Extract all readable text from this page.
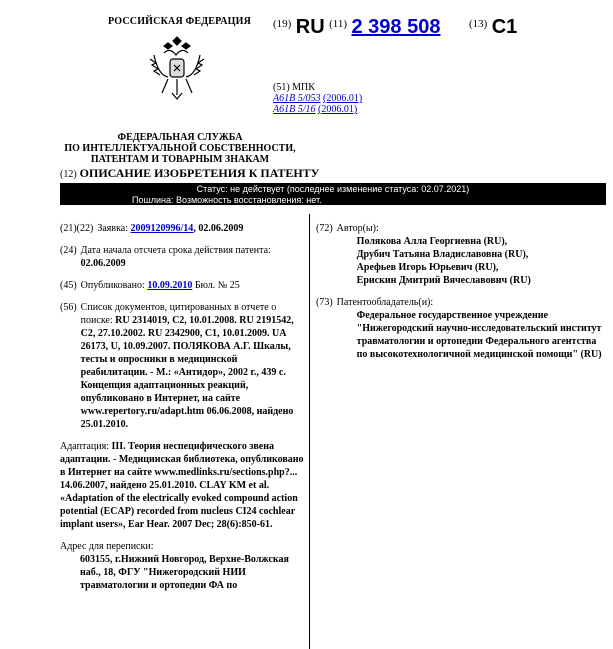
РОССИЙСКАЯ ФЕДЕРАЦИЯ
ФЕДЕРАЛЬНАЯ СЛУЖБА
ПО ИНТЕЛЛЕКТУАЛЬНОЙ СОБСТВЕННОСТИ,
ПАТЕНТАМ И ТОВАРНЫМ ЗНАКАМ
$^{(19)}$ RU $^{(11)}$ 2 398 508	$^{(13)}$ C1
(51) МПК
A61B 5/053 (2006.01)
A61B 5/16 (2006.01)
(12) ОПИСАНИЕ ИЗОБРЕТЕНИЯ К ПАТЕНТУ
Статус: не действует (последнее изменение статуса: 02.07.2021)
Пошлина: Возможность восстановления: нет.
(21)(22) Заявка: 2009120996/14, 02.06.2009
(24) Дата начала отсчета срока действия патента:
02.06.2009
(45) Опубликовано: 10.09.2010 Бюл. № 25
(56) Список документов, цитированных в отчете о поиске: RU 2314019, C2, 10.01.2008. RU 2191542, C2, 27.10.2002. RU 2342900, C1, 10.01.2009. UA 26173, U, 10.09.2007. ПОЛЯКОВА А.Г. Шкалы, тесты и опросники в медицинской реабилитации. - М.: «Антидор», 2002 г., 439 с. Концепция адаптационных реакций, опубликовано в Интернет, на сайте www.repertory.ru/adapt.htm 06.06.2008, найдено 25.01.2010.
Адаптация: III. Теория неспецифического звена адаптации. - Медицинская библиотека, опубликовано в Интернет на сайте www.medlinks.ru/sections.php?... 14.06.2007, найдено 25.01.2010. CLAY KM et al. «Adaptation of the electrically evoked compound action potential (ECAP) recorded from nucleus CI24 cochlear implant users», Ear Hear. 2007 Dec; 28(6):850-61.
Адрес для переписки:

603155, г.Нижний Новгород, Верхне-Волжская наб., 18, ФГУ "Нижегородский НИИ травматологии и ортопедии ФА по
(72) Автор(ы):
Полякова Алла Георгиевна (RU),
Друбич Татьяна Владиславовна (RU),
Арефьев Игорь Юрьевич (RU),
Ерискин Дмитрий Вячеславович (RU)
(73) Патентообладатель(и):
Федеральное государственное учреждение "Нижегородский научно-исследовательский институт травматологии и ортопедии Федерального агентства по высокотехнологичной медицинской помощи" (RU)
